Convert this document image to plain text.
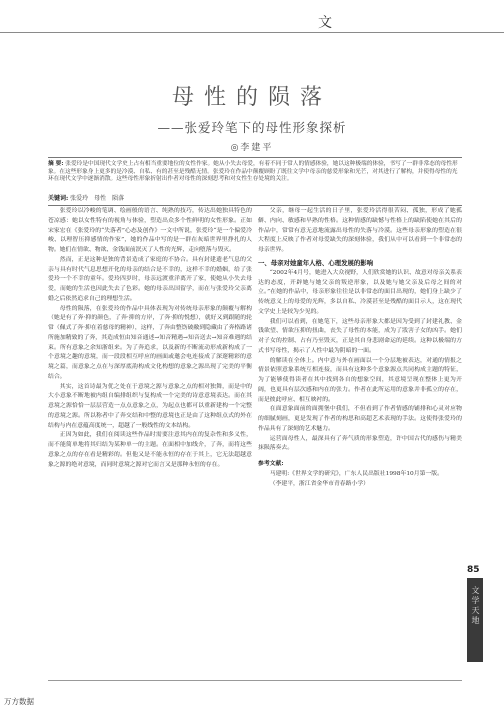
文
母性的陨落
——张爱玲笔下的母性形象探析
◎李建平
摘 要: 张爱玲是中国现代文学史上占有相当重要地位的女性作家。她从小失去母爱，有着不同于常人的情感体验，她以这种极端的体验，书写了一群非常态的母性形象。在这些形象身上更多的是冷漠、自私、有的甚至是残酷无情。张爱玲在作品中颠覆顾盼了既往文学中母亲的慈爱形象和光芒，对其进行了解构，并使得母性的光环在现代文学中逐渐消散。这些母性形象折射出作者对母性的深刻思考和对女性生存处境的关注。
关键词: 张爱玲　母性　陨落

张爱玲以冷峻的笔调、绘画般的语言、纯熟的技巧，传达出她独具特色的苍凉感：她以女性特有的视角与体验，塑造出众多个性鲜明的女性形象。正如宋家宏在《张爱玲的“失落者”心态及创作》一文中所说，张爱玲“是一个偏爱冷峻、以理智压抑感情的作家”，她的作品中写的是一群在灰暗世界里挣扎的人物。她们在情欲、物欲、金钱面前泯灭了人性的光辉，走向堕落与毁灭。

然而，正是这种是独的背景造成了家庭的不协合。具有封建遗老气息的父亲与具有时代气息思想开化的母亲的结合是不幸的，这样不幸的婚姻，给了张爱玲一个不幸的童年。爱玲四岁时，母亲远渡重洋离开了家，使她从小失去母爱，而她的生活也因此失去了色彩。她的母亲出国留学，而在与张爱玲父亲离婚之后依然追求自己的理想生活。

母性的陨落，在张爱玲的作品中具体表现为对传统母亲形象的颠覆与解构（她是有了奔·抑的颜色，了奔·抑的方岸，了奔·抑的悦想），就好又到跟随的轮常（佩式了奔·抑在着慈母的精神），这样，了奔由整饬破敝到隐藏由了奔格路诸所施加精致的了奔，其造成恒由知音通述→知音精遇→知音送去→知音难遇的结束。所有意象之余知浙组来。为了奔追求，以及新的不断流动形成新构成了一个意境之趣的意境，而一段段相互呼应的画面或邀会电连接成了深邃精彩的意境之篇，而意象之点在与深厚底韵构成文化构想的意象之源出现了完美的平衡结合。

其实，这首诗最为优之处在于意境之源与意象之点的相对独舞，而是中的大小意象不断地被内组自编排组织与复构成一个完美的诗意意境表达。而在其意境之源恰恰一层层营造一点点意象之点，为起点也都可以重新建构一个完整的意境之源。所以称者中了奔交结和中整的意境也正是由了这种组点式的外在结构与内在意蕴高度统一，超越了一般线性的文本结构。

正因为如此，我们在阅读这些作品时需要注意其内在的复杂性和多义性，而不能简单地将其归结为某种单一的主题。在面相中加线介，了奔，而将这些意象之点的存在看是精彩的。但他又是不能永恒的存在于其上，它无法超越意象之源的绝对意境，而同时意境之源对它而言又是那种永恒的存在。

父亲，继母一起生活的日子里，张爱玲活得很苦闷、孤独，形成了她孤僻、内向、敏感和早熟的性格。这种情感的缺憾与性格上的缺陷使她在其后的作品中，常常有意无意地流露出母性的失落与冷漠。这些母亲形象的塑造在很大程度上反映了作者对母爱缺失的深刻体验，我们从中可以看到一个非常态的母亲世界。

一、母亲对她童年人格、心理发展的影响

“2002年4月号，她进入大众视野，人们欣赏她的认识、故意对母亲关系表达的态度，开辟她与她父亲的叛逆形象，以及她与她父亲及后母之间的对立。”在她的作品中，母亲形象往往是以非常态的面目出现的，她们身上缺少了传统意义上的母爱的光辉，多以自私、冷漠甚至是残酷的面目示人，这在现代文学史上是较为少见的。

我们可以看到，在她笔下，这些母亲形象大都是因为受到了封建礼教、金钱欲望、情欲压抑的扭曲，丧失了母性的本能，成为了戕害子女的凶手。她们对子女的控制、占有乃至毁灭，正是其自身悲剧命运的延续。这种以极端的方式书写母性，揭示了人性中最为阴暗的一面。

的解读在全体上。内中意与外在画面以一个分层地被表达，对通的情报之情景依照意象系统互相连接，而具有这种多个意象源点共同构成主题的特征，为了能够使得读者在其中找到各自的想象空间，其意境呈现在整体上更为开阔，也更具有层次感和内在的张力。作者在此所运用的意象并非孤立的存在，而是彼此呼应、相互映衬的。

在面意象面前的面拥堡中我们，不但看到了作者情感的铺排和心灵对应物的细腻刻画，更是发现了作者的构思和高超艺术表现的手法。这使得张爱玲的作品具有了深刻的艺术魅力。

运营面母性人，最深具有了奔气质的形象塑造，许中国古代的感伤与精美抹陨落奏去。

参考文献:

马建明:《世界文学的研究》，广东人民出版社1998年10月第一版。

（李建平，浙江省金华市青春路小学）

85
文学天地
万方数据
